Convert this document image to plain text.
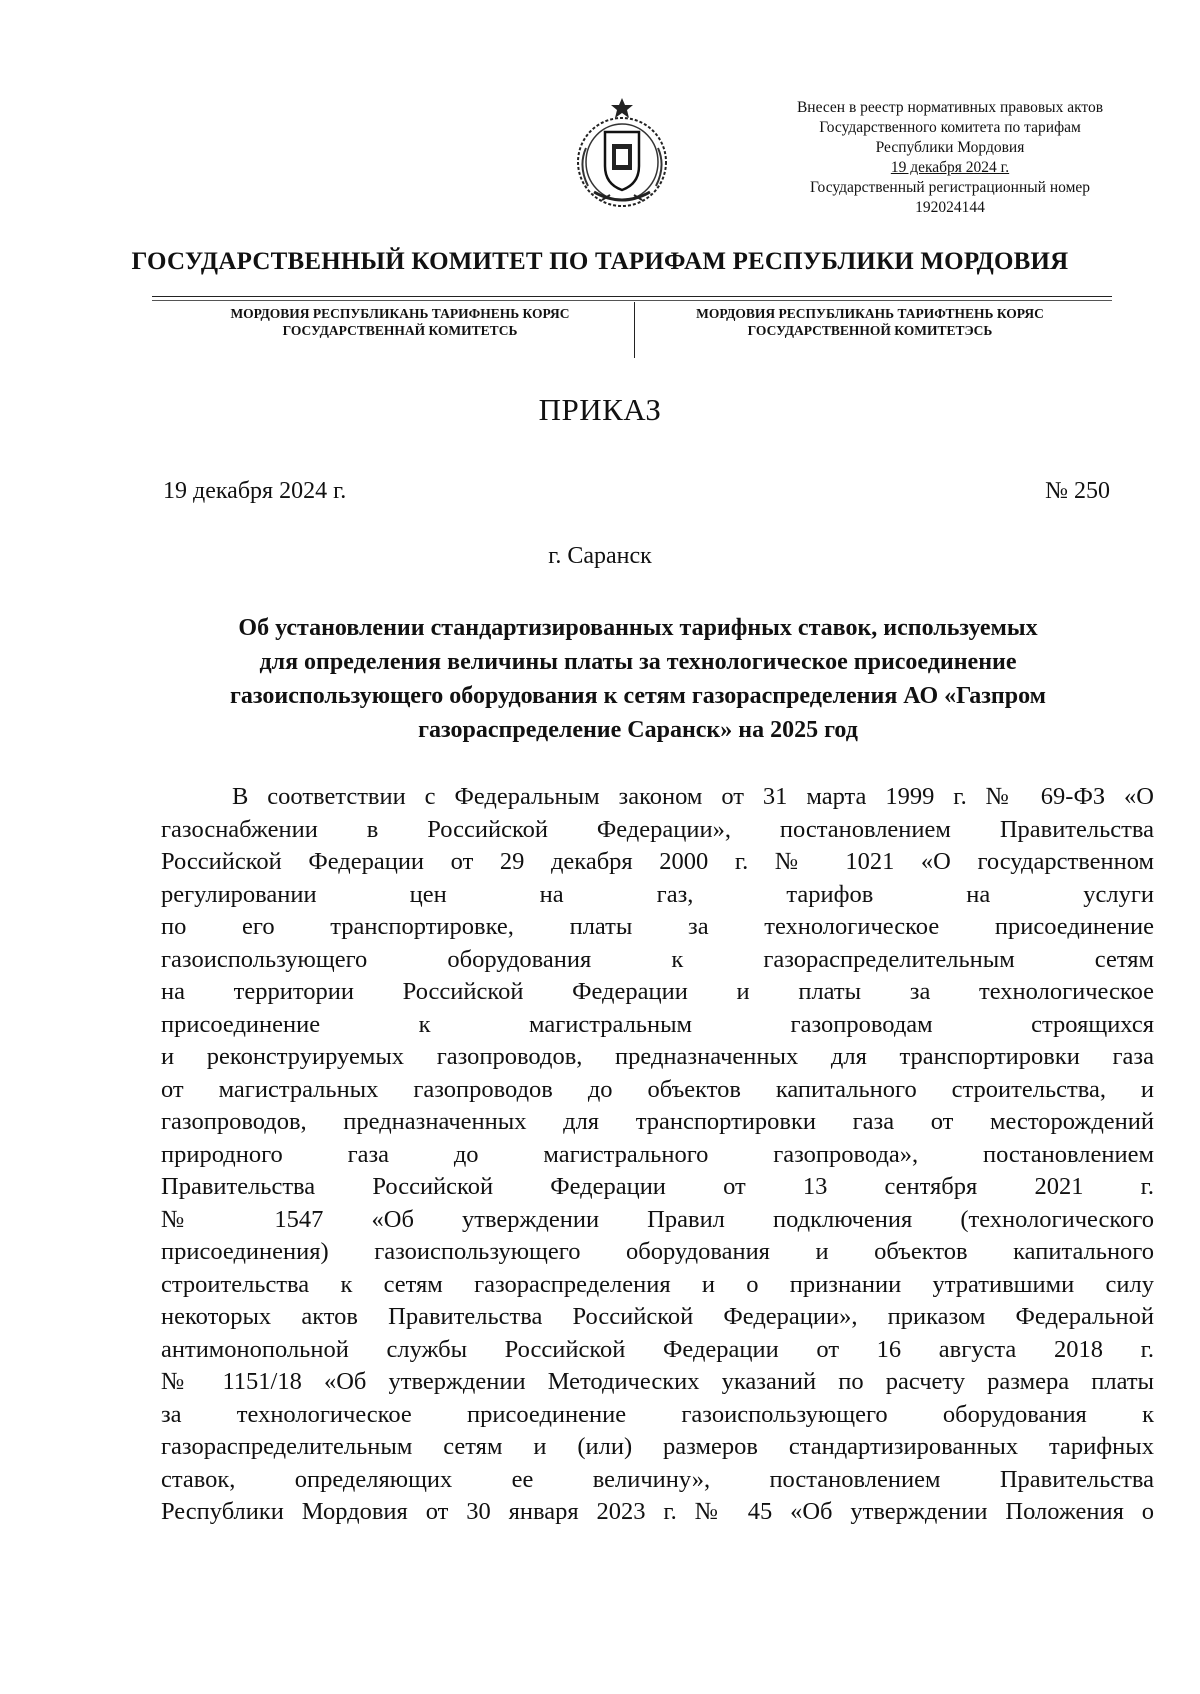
Внесен в реестр нормативных правовых актов
Государственного комитета по тарифам
Республики Мордовия
19 декабря 2024 г.
Государственный регистрационный номер
192024144
ГОСУДАРСТВЕННЫЙ КОМИТЕТ ПО ТАРИФАМ РЕСПУБЛИКИ МОРДОВИЯ
МОРДОВИЯ РЕСПУБЛИКАНЬ ТАРИФНЕНЬ КОРЯС
ГОСУДАРСТВЕННАЙ КОМИТЕТСЬ
МОРДОВИЯ РЕСПУБЛИКАНЬ ТАРИФТНЕНЬ КОРЯС
ГОСУДАРСТВЕННОЙ КОМИТЕТЭСЬ
ПРИКАЗ
19 декабря 2024 г.	№ 250
г. Саранск
Об установлении стандартизированных тарифных ставок, используемых
для определения величины платы за технологическое присоединение
газоиспользующего оборудования к сетям газораспределения АО «Газпром
газораспределение Саранск» на 2025 год
В соответствии с Федеральным законом от 31 марта 1999 г. № 69-ФЗ «О
газоснабжении в Российской Федерации», постановлением Правительства
Российской Федерации от 29 декабря 2000 г. № 1021 «О государственном
регулировании цен на газ, тарифов на услуги
по его транспортировке, платы за технологическое присоединение
газоиспользующего оборудования к газораспределительным сетям
на территории Российской Федерации и платы за технологическое
присоединение к магистральным газопроводам строящихся
и реконструируемых газопроводов, предназначенных для транспортировки газа
от магистральных газопроводов до объектов капитального строительства, и
газопроводов, предназначенных для транспортировки газа от месторождений
природного газа до магистрального газопровода», постановлением
Правительства Российской Федерации от 13 сентября 2021 г.
№ 1547 «Об утверждении Правил подключения (технологического
присоединения) газоиспользующего оборудования и объектов капитального
строительства к сетям газораспределения и о признании утратившими силу
некоторых актов Правительства Российской Федерации», приказом Федеральной
антимонопольной службы Российской Федерации от 16 августа 2018 г.
№ 1151/18 «Об утверждении Методических указаний по расчету размера платы
за технологическое присоединение газоиспользующего оборудования к
газораспределительным сетям и (или) размеров стандартизированных тарифных
ставок, определяющих ее величину», постановлением Правительства
Республики Мордовия от 30 января 2023 г. № 45 «Об утверждении Положения о
